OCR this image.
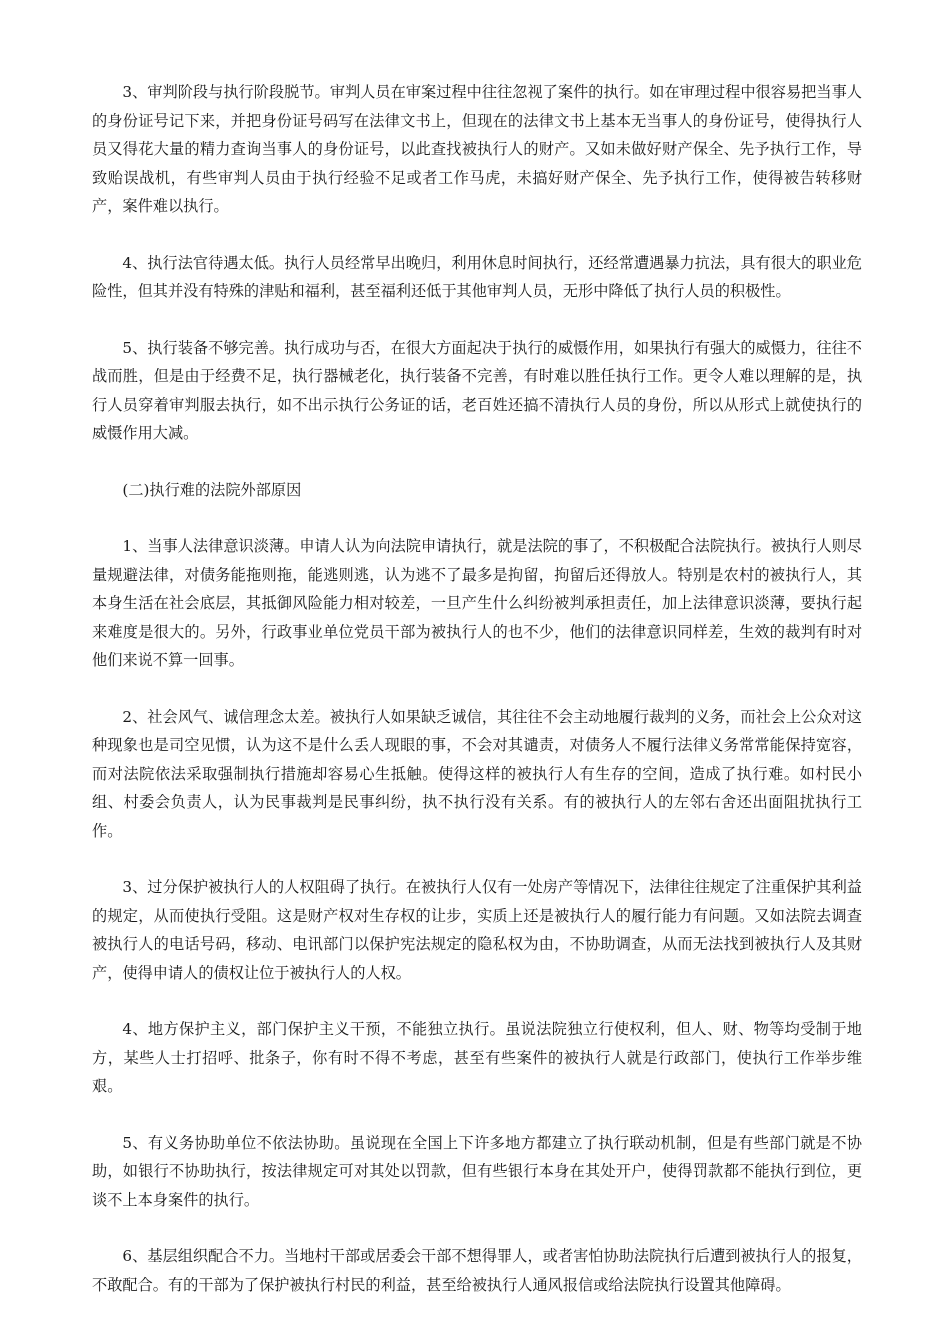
3、审判阶段与执行阶段脱节。审判人员在审案过程中往往忽视了案件的执行。如在审理过程中很容易把当事人的身份证号记下来，并把身份证号码写在法律文书上，但现在的法律文书上基本无当事人的身份证号，使得执行人员又得花大量的精力查询当事人的身份证号，以此查找被执行人的财产。又如未做好财产保全、先予执行工作，导致贻误战机，有些审判人员由于执行经验不足或者工作马虎，未搞好财产保全、先予执行工作，使得被告转移财产，案件难以执行。

4、执行法官待遇太低。执行人员经常早出晚归，利用休息时间执行，还经常遭遇暴力抗法，具有很大的职业危险性，但其并没有特殊的津贴和福利，甚至福利还低于其他审判人员，无形中降低了执行人员的积极性。

5、执行装备不够完善。执行成功与否，在很大方面起决于执行的威慑作用，如果执行有强大的威慑力，往往不战而胜，但是由于经费不足，执行器械老化，执行装备不完善，有时难以胜任执行工作。更令人难以理解的是，执行人员穿着审判服去执行，如不出示执行公务证的话，老百姓还搞不清执行人员的身份，所以从形式上就使执行的威慑作用大减。

(二)执行难的法院外部原因

1、当事人法律意识淡薄。申请人认为向法院申请执行，就是法院的事了，不积极配合法院执行。被执行人则尽量规避法律，对债务能拖则拖，能逃则逃，认为逃不了最多是拘留，拘留后还得放人。特别是农村的被执行人，其本身生活在社会底层，其抵御风险能力相对较差，一旦产生什么纠纷被判承担责任，加上法律意识淡薄，要执行起来难度是很大的。另外，行政事业单位党员干部为被执行人的也不少，他们的法律意识同样差，生效的裁判有时对他们来说不算一回事。

2、社会风气、诚信理念太差。被执行人如果缺乏诚信，其往往不会主动地履行裁判的义务，而社会上公众对这种现象也是司空见惯，认为这不是什么丢人现眼的事，不会对其谴责，对债务人不履行法律义务常常能保持宽容，而对法院依法采取强制执行措施却容易心生抵触。使得这样的被执行人有生存的空间，造成了执行难。如村民小组、村委会负责人，认为民事裁判是民事纠纷，执不执行没有关系。有的被执行人的左邻右舍还出面阻扰执行工作。

3、过分保护被执行人的人权阻碍了执行。在被执行人仅有一处房产等情况下，法律往往规定了注重保护其利益的规定，从而使执行受阻。这是财产权对生存权的让步，实质上还是被执行人的履行能力有问题。又如法院去调查被执行人的电话号码，移动、电讯部门以保护宪法规定的隐私权为由，不协助调查，从而无法找到被执行人及其财产，使得申请人的债权让位于被执行人的人权。

4、地方保护主义，部门保护主义干预，不能独立执行。虽说法院独立行使权利，但人、财、物等均受制于地方，某些人士打招呼、批条子，你有时不得不考虑，甚至有些案件的被执行人就是行政部门，使执行工作举步维艰。

5、有义务协助单位不依法协助。虽说现在全国上下许多地方都建立了执行联动机制，但是有些部门就是不协助，如银行不协助执行，按法律规定可对其处以罚款，但有些银行本身在其处开户，使得罚款都不能执行到位，更谈不上本身案件的执行。

6、基层组织配合不力。当地村干部或居委会干部不想得罪人，或者害怕协助法院执行后遭到被执行人的报复，不敢配合。有的干部为了保护被执行村民的利益，甚至给被执行人通风报信或给法院执行设置其他障碍。
